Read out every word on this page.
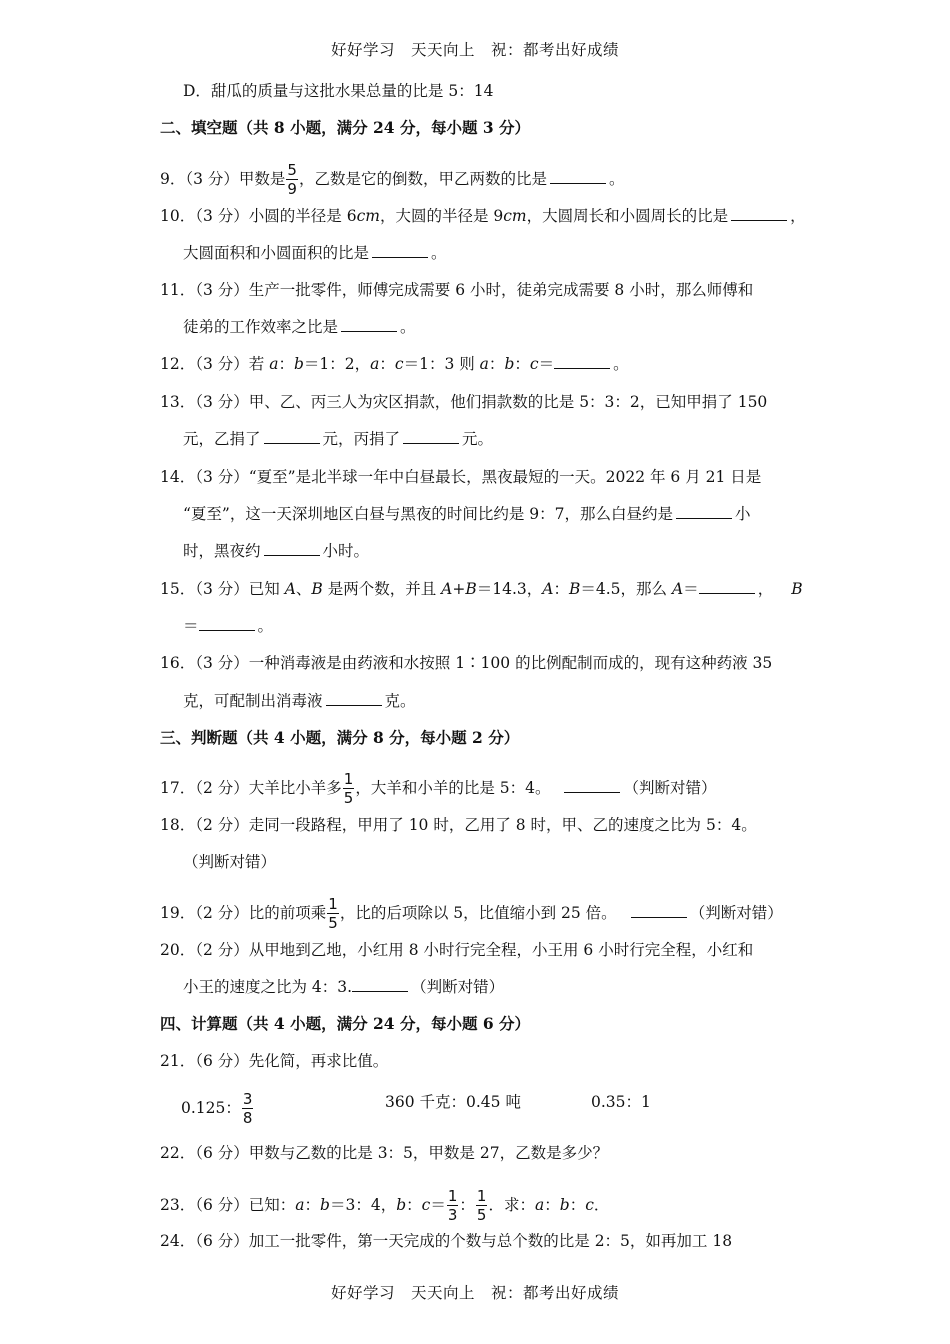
好好学习 天天向上 祝：都考出好成绩
D．甜瓜的质量与这批水果总量的比是 5：14
二、填空题（共 8 小题，满分 24 分，每小题 3 分）
9．（3 分）甲数是 $\frac{5}{9}$ ，乙数是它的倒数，甲乙两数的比是	。
10．（3 分）小圆的半径是 6cm，大圆的半径是 9cm，大圆周长和小圆周长的比是	，
大圆面积和小圆面积的比是	。
11．（3 分）生产一批零件，师傅完成需要 6 小时，徒弟完成需要 8 小时，那么师傅和
徒弟的工作效率之比是	。
12．（3 分）若 a：b＝1：2，a：c＝1：3 则 a：b：c＝	。
13．（3 分）甲、乙、丙三人为灾区捐款，他们捐款数的比是 5：3：2，已知甲捐了 150
元，乙捐了	元，丙捐了	元。
14．（3 分）“夏至”是北半球一年中白昼最长，黑夜最短的一天。2022 年 6 月 21 日是
“夏至”，这一天深圳地区白昼与黑夜的时间比约是 9：7，那么白昼约是	小
时，黑夜约	小时。
15．（3 分）已知 A、B 是两个数，并且 A+B＝14.3，A：B＝4.5，那么 A＝	， B
＝	。
16．（3 分）一种消毒液是由药液和水按照 1∶100 的比例配制而成的，现有这种药液 35
克，可配制出消毒液	克。
三、判断题（共 4 小题，满分 8 分，每小题 2 分）
17．（2 分）大羊比小羊多 $\frac{1}{5}$ ，大羊和小羊的比是 5：4。	（判断对错）
18．（2 分）走同一段路程，甲用了 10 时，乙用了 8 时，甲、乙的速度之比为 5：4。
（判断对错）
19．（2 分）比的前项乘 $\frac{1}{5}$ ，比的后项除以 5，比值缩小到 25 倍。	（判断对错）
20．（2 分）从甲地到乙地，小红用 8 小时行完全程，小王用 6 小时行完全程，小红和
小王的速度之比为 4：3.	（判断对错）
四、计算题（共 4 小题，满分 24 分，每小题 6 分）
21．（6 分）先化简，再求比值。
0.125： $\frac{3}{8}$	360 千克：0.45 吨	0.35：1
22．（6 分）甲数与乙数的比是 3：5，甲数是 27，乙数是多少？
23．（6 分）已知：a：b＝3：4，b：$c= \frac{1}{3}$ ： $\frac{1}{5}$ ．求：a：b：c．
24．（6 分）加工一批零件，第一天完成的个数与总个数的比是 2：5，如再加工 18
好好学习 天天向上 祝：都考出好成绩
